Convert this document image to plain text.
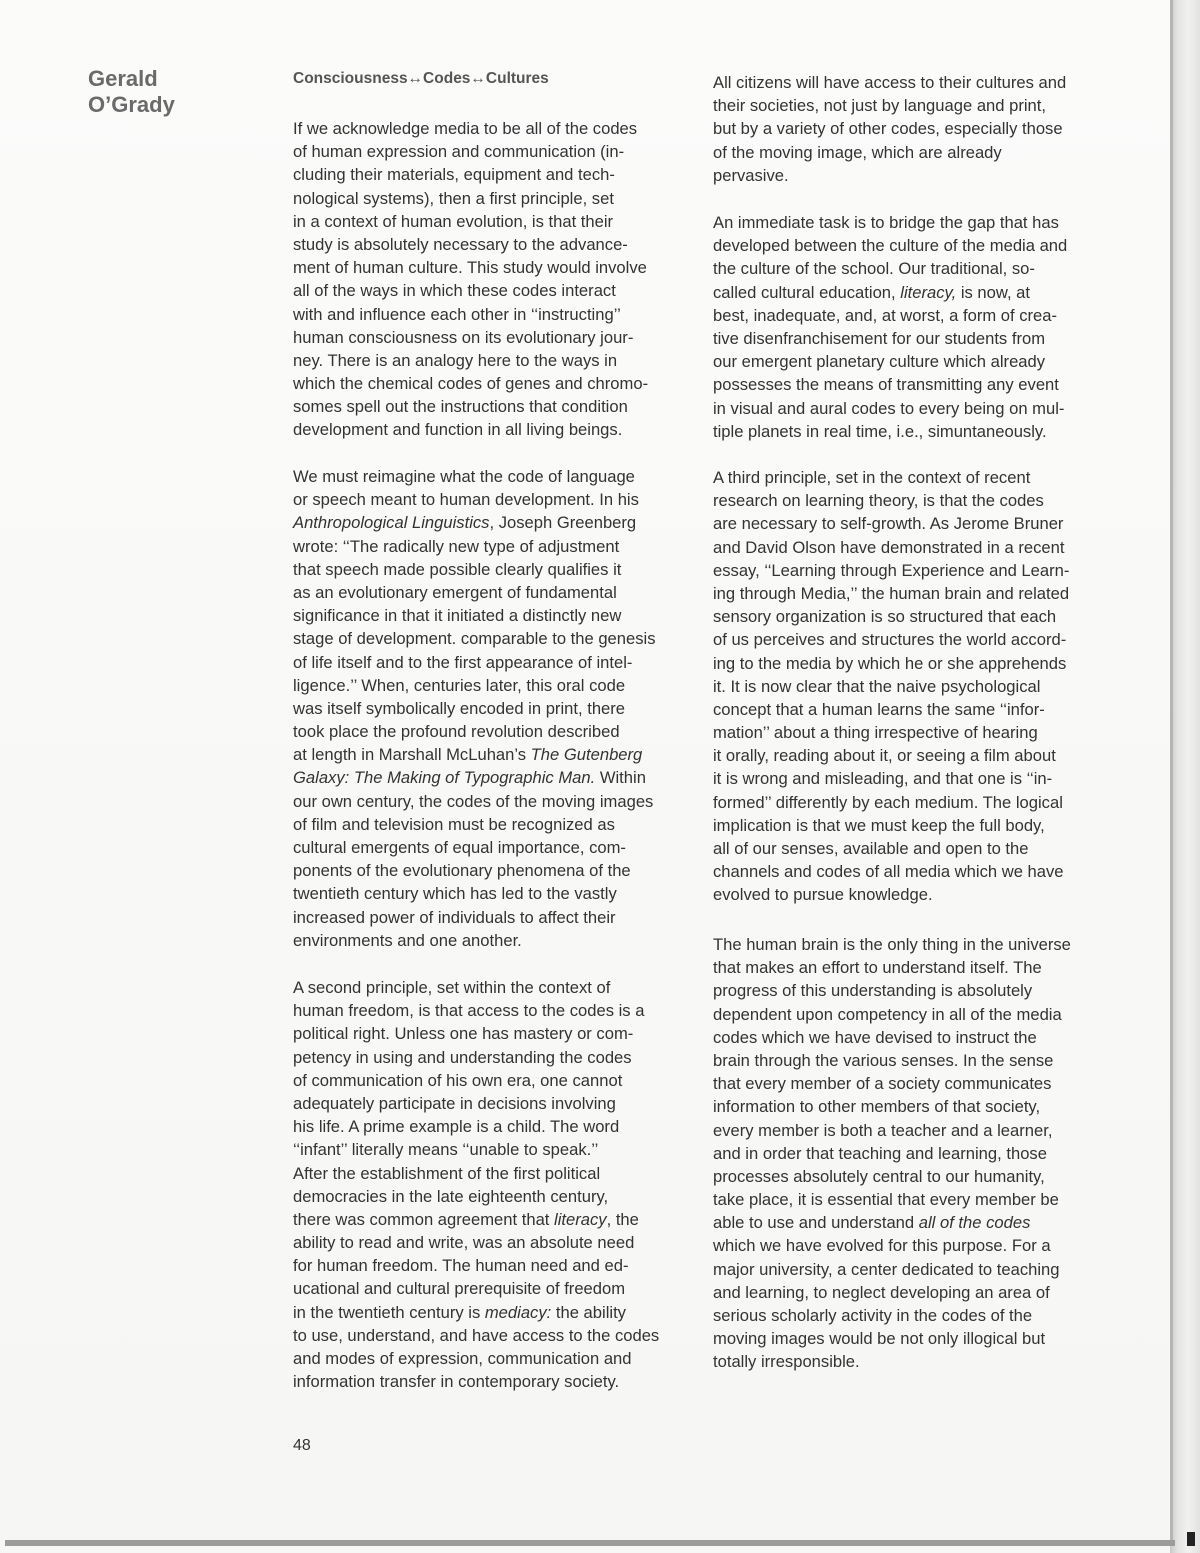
Gerald
O’Grady
Consciousness↔Codes↔Cultures
If we acknowledge media to be all of the codes
of human expression and communication (in-
cluding their materials, equipment and tech-
nological systems), then a first principle, set
in a context of human evolution, is that their
study is absolutely necessary to the advance-
ment of human culture. This study would involve
all of the ways in which these codes interact
with and influence each other in ‘‘instructing’’
human consciousness on its evolutionary jour-
ney. There is an analogy here to the ways in
which the chemical codes of genes and chromo-
somes spell out the instructions that condition
development and function in all living beings.
We must reimagine what the code of language
or speech meant to human development. In his
Anthropological Linguistics, Joseph Greenberg
wrote: ‘‘The radically new type of adjustment
that speech made possible clearly qualifies it
as an evolutionary emergent of fundamental
significance in that it initiated a distinctly new
stage of development. comparable to the genesis
of life itself and to the first appearance of intel-
ligence.’’ When, centuries later, this oral code
was itself symbolically encoded in print, there
took place the profound revolution described
at length in Marshall McLuhan’s The Gutenberg
Galaxy: The Making of Typographic Man. Within
our own century, the codes of the moving images
of film and television must be recognized as
cultural emergents of equal importance, com-
ponents of the evolutionary phenomena of the
twentieth century which has led to the vastly
increased power of individuals to affect their
environments and one another.
A second principle, set within the context of
human freedom, is that access to the codes is a
political right. Unless one has mastery or com-
petency in using and understanding the codes
of communication of his own era, one cannot
adequately participate in decisions involving
his life. A prime example is a child. The word
‘‘infant’’ literally means ‘‘unable to speak.’’
After the establishment of the first political
democracies in the late eighteenth century,
there was common agreement that literacy, the
ability to read and write, was an absolute need
for human freedom. The human need and ed-
ucational and cultural prerequisite of freedom
in the twentieth century is mediacy: the ability
to use, understand, and have access to the codes
and modes of expression, communication and
information transfer in contemporary society.
All citizens will have access to their cultures and
their societies, not just by language and print,
but by a variety of other codes, especially those
of the moving image, which are already
pervasive.
An immediate task is to bridge the gap that has
developed between the culture of the media and
the culture of the school. Our traditional, so-
called cultural education, literacy, is now, at
best, inadequate, and, at worst, a form of crea-
tive disenfranchisement for our students from
our emergent planetary culture which already
possesses the means of transmitting any event
in visual and aural codes to every being on mul-
tiple planets in real time, i.e., simuntaneously.
A third principle, set in the context of recent
research on learning theory, is that the codes
are necessary to self-growth. As Jerome Bruner
and David Olson have demonstrated in a recent
essay, ‘‘Learning through Experience and Learn-
ing through Media,’’ the human brain and related
sensory organization is so structured that each
of us perceives and structures the world accord-
ing to the media by which he or she apprehends
it. It is now clear that the naive psychological
concept that a human learns the same ‘‘infor-
mation’’ about a thing irrespective of hearing
it orally, reading about it, or seeing a film about
it is wrong and misleading, and that one is ‘‘in-
formed’’ differently by each medium. The logical
implication is that we must keep the full body,
all of our senses, available and open to the
channels and codes of all media which we have
evolved to pursue knowledge.
The human brain is the only thing in the universe
that makes an effort to understand itself. The
progress of this understanding is absolutely
dependent upon competency in all of the media
codes which we have devised to instruct the
brain through the various senses. In the sense
that every member of a society communicates
information to other members of that society,
every member is both a teacher and a learner,
and in order that teaching and learning, those
processes absolutely central to our humanity,
take place, it is essential that every member be
able to use and understand all of the codes
which we have evolved for this purpose. For a
major university, a center dedicated to teaching
and learning, to neglect developing an area of
serious scholarly activity in the codes of the
moving images would be not only illogical but
totally irresponsible.
48
